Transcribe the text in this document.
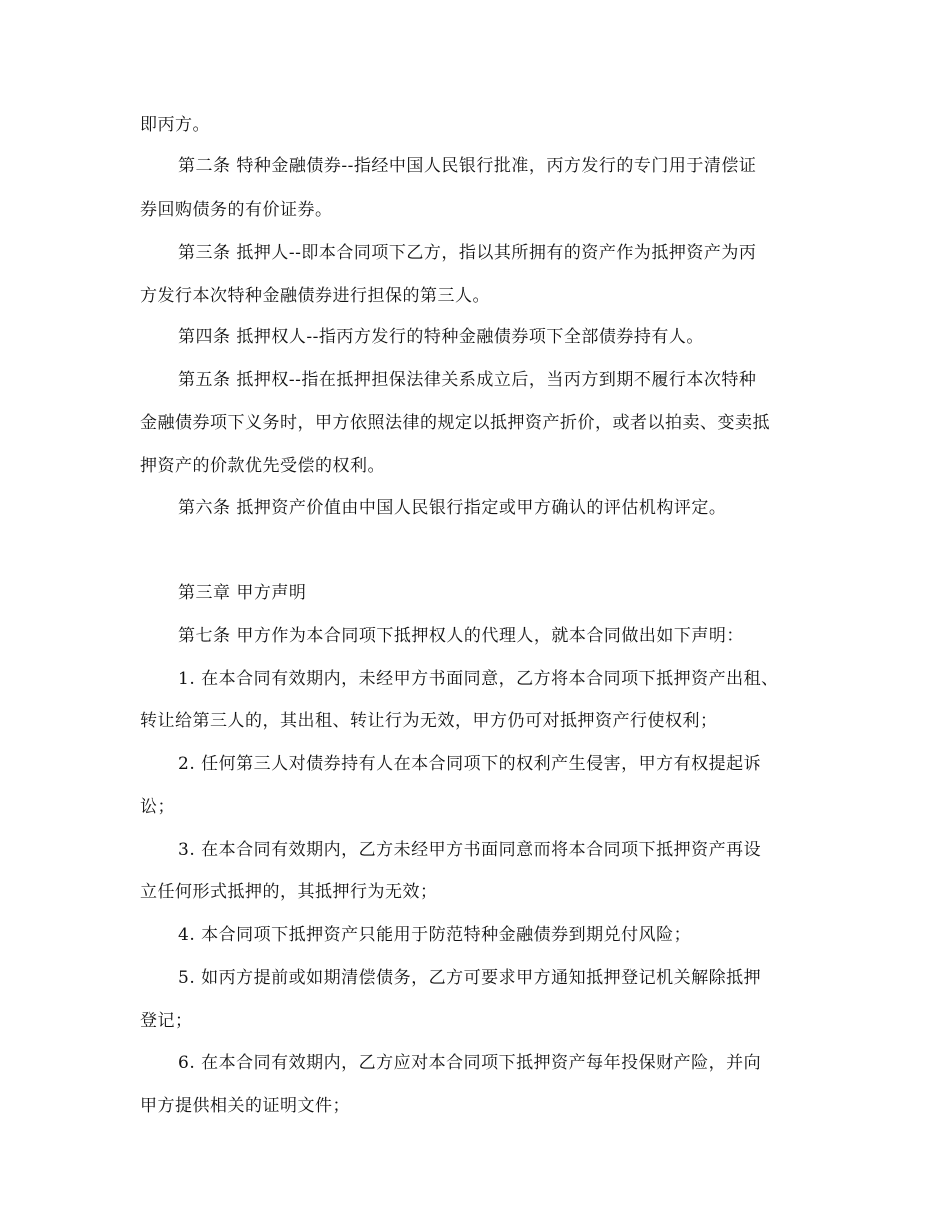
即丙方。
第二条 特种金融债券--指经中国人民银行批准，丙方发行的专门用于清偿证
券回购债务的有价证券。
第三条 抵押人--即本合同项下乙方，指以其所拥有的资产作为抵押资产为丙
方发行本次特种金融债券进行担保的第三人。
第四条 抵押权人--指丙方发行的特种金融债券项下全部债券持有人。
第五条 抵押权--指在抵押担保法律关系成立后，当丙方到期不履行本次特种
金融债券项下义务时，甲方依照法律的规定以抵押资产折价，或者以拍卖、变卖抵
押资产的价款优先受偿的权利。
第六条 抵押资产价值由中国人民银行指定或甲方确认的评估机构评定。
第三章 甲方声明
第七条 甲方作为本合同项下抵押权人的代理人，就本合同做出如下声明：
1. 在本合同有效期内，未经甲方书面同意，乙方将本合同项下抵押资产出租、
转让给第三人的，其出租、转让行为无效，甲方仍可对抵押资产行使权利；
2. 任何第三人对债券持有人在本合同项下的权利产生侵害，甲方有权提起诉
讼；
3. 在本合同有效期内，乙方未经甲方书面同意而将本合同项下抵押资产再设
立任何形式抵押的，其抵押行为无效；
4. 本合同项下抵押资产只能用于防范特种金融债券到期兑付风险；
5. 如丙方提前或如期清偿债务，乙方可要求甲方通知抵押登记机关解除抵押
登记；
6. 在本合同有效期内，乙方应对本合同项下抵押资产每年投保财产险，并向
甲方提供相关的证明文件；
